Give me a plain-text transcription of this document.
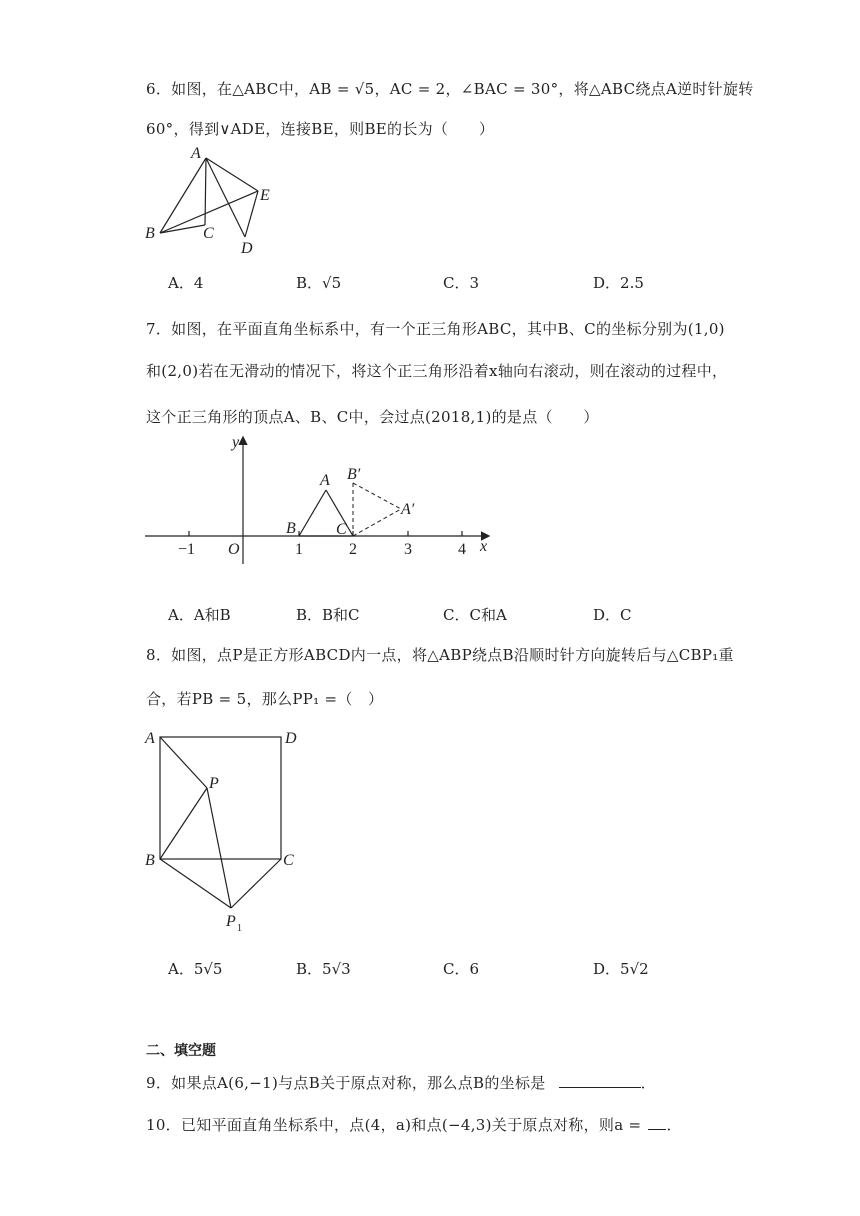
6．如图，在△ABC中，AB = √5，AC = 2，∠BAC = 30°，将△ABC绕点A逆时针旋转
60°，得到∨ADE，连接BE，则BE的长为（　　）
A
B	C
D
E
A．4	B．√5	C．3	D．2.5
7．如图，在平面直角坐标系中，有一个正三角形ABC，其中B、C的坐标分别为(1,0)
和(2,0)若在无滑动的情况下，将这个正三角形沿着x轴向右滚动，则在滚动的过程中，
这个正三角形的顶点A、B、C中，会过点(2018,1)的是点（　　）
y
x
O
−1	1	2	3	4
A
B	C
B′
A′
A．A和B	B．B和C	C．C和A	D．C
8．如图，点P是正方形ABCD内一点，将△ABP绕点B沿顺时针方向旋转后与△CBP₁重
合，若PB = 5，那么PP₁ =（　）
A	D
P
B	C
P 1
A．5√5	B．5√3	C．6	D．5√2
二、填空题
9．如果点A(6,−1)与点B关于原点对称，那么点B的坐标是	．
10．已知平面直角坐标系中，点(4，a)和点(−4,3)关于原点对称，则a = ．
